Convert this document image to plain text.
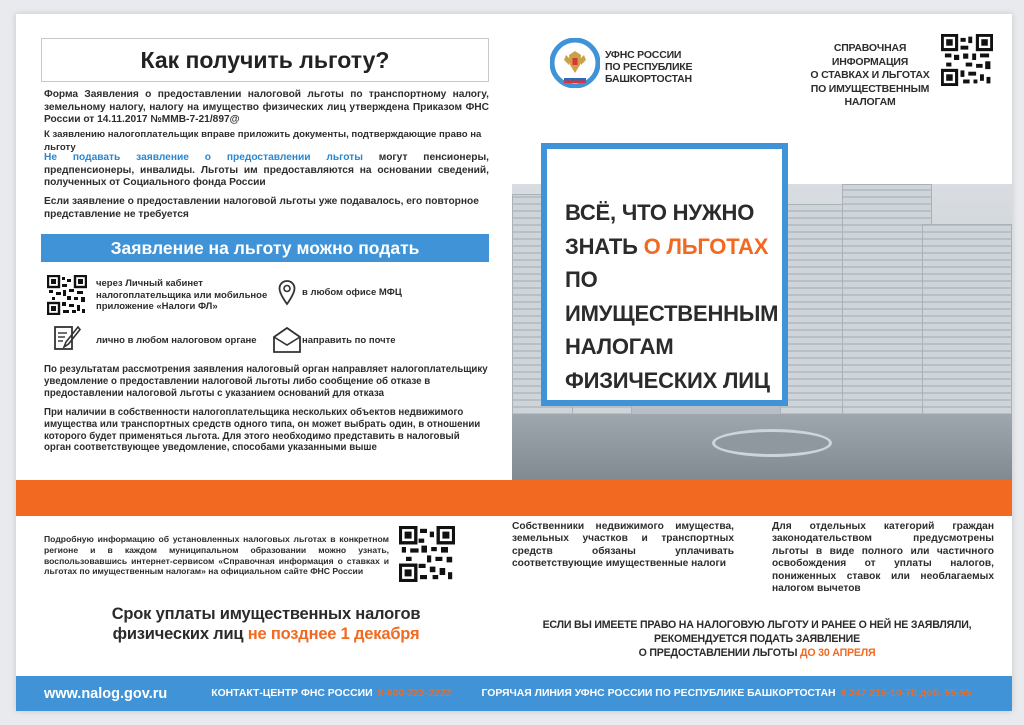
Как получить льготу?
Форма Заявления о предоставлении налоговой льготы по транспортному налогу, земельному налогу, налогу на имущество физических лиц утверждена Приказом ФНС России от 14.11.2017 №ММВ-7-21/897@
К заявлению налогоплательщик вправе приложить документы, подтверждающие право на льготу
Не подавать заявление о предоставлении льготы могут пенсионеры, предпенсионеры, инвалиды. Льготы им предоставляются на основании сведений, полученных от Социального фонда России
Если заявление о предоставлении налоговой льготы уже подавалось, его повторное представление не требуется
Заявление на льготу можно подать
через Личный кабинет налогоплательщика или мобильное приложение «Налоги ФЛ»
в любом офисе МФЦ
лично в любом налоговом органе	направить по почте
По результатам рассмотрения заявления налоговый орган направляет налогоплательщику уведомление о предоставлении налоговой льготы либо сообщение об отказе в предоставлении налоговой льготы с указанием оснований для отказа
При наличии в собственности налогоплательщика нескольких объектов недвижимого имущества или транспортных средств одного типа, он может выбрать один, в отношении которого будет применяться льгота. Для этого необходимо представить в налоговый орган соответствующее уведомление, способами указанными выше
ФЕДЕРАЛЬНАЯ НАЛО
УФНС РОССИИ
ПО РЕСПУБЛИКЕ
БАШКОРТОСТАН
СПРАВОЧНАЯ ИНФОРМАЦИЯ
О СТАВКАХ И ЛЬГОТАХ
ПО ИМУЩЕСТВЕННЫМ НАЛОГАМ
ВСЁ, ЧТО НУЖНО
ЗНАТЬ О ЛЬГОТАХ
ПО ИМУЩЕСТВЕННЫМ
НАЛОГАМ
ФИЗИЧЕСКИХ ЛИЦ
Подробную информацию об установленных налоговых льготах в конкретном регионе и в каждом муниципальном образовании можно узнать, воспользовавшись интернет-сервисом «Справочная информация о ставках и льготах по имущественным налогам» на официальном сайте ФНС России
Собственники недвижимого имущества, земельных участков и транспортных средств обязаны уплачивать соответствующие имущественные налоги
Для отдельных категорий граждан законодательством предусмотрены льготы в виде полного или частичного освобождения от уплаты налогов, пониженных ставок или необлагаемых налогом вычетов
Срок уплаты имущественных налогов
физических лиц не позднее 1 декабря	ЕСЛИ ВЫ ИМЕЕТЕ ПРАВО НА НАЛОГОВУЮ ЛЬГОТУ И РАНЕЕ О НЕЙ НЕ ЗАЯВЛЯЛИ,
РЕКОМЕНДУЕТСЯ ПОДАТЬ ЗАЯВЛЕНИЕ
О ПРЕДОСТАВЛЕНИИ ЛЬГОТЫ ДО 30 АПРЕЛЯ
www.nalog.gov.ru	КОНТАКТ-ЦЕНТР ФНС РОССИИ 8-800-222-2222	ГОРЯЧАЯ ЛИНИЯ УФНС РОССИИ ПО РЕСПУБЛИКЕ БАШКОРТОСТАН 8 347 215-10-70 доб. 55-55
